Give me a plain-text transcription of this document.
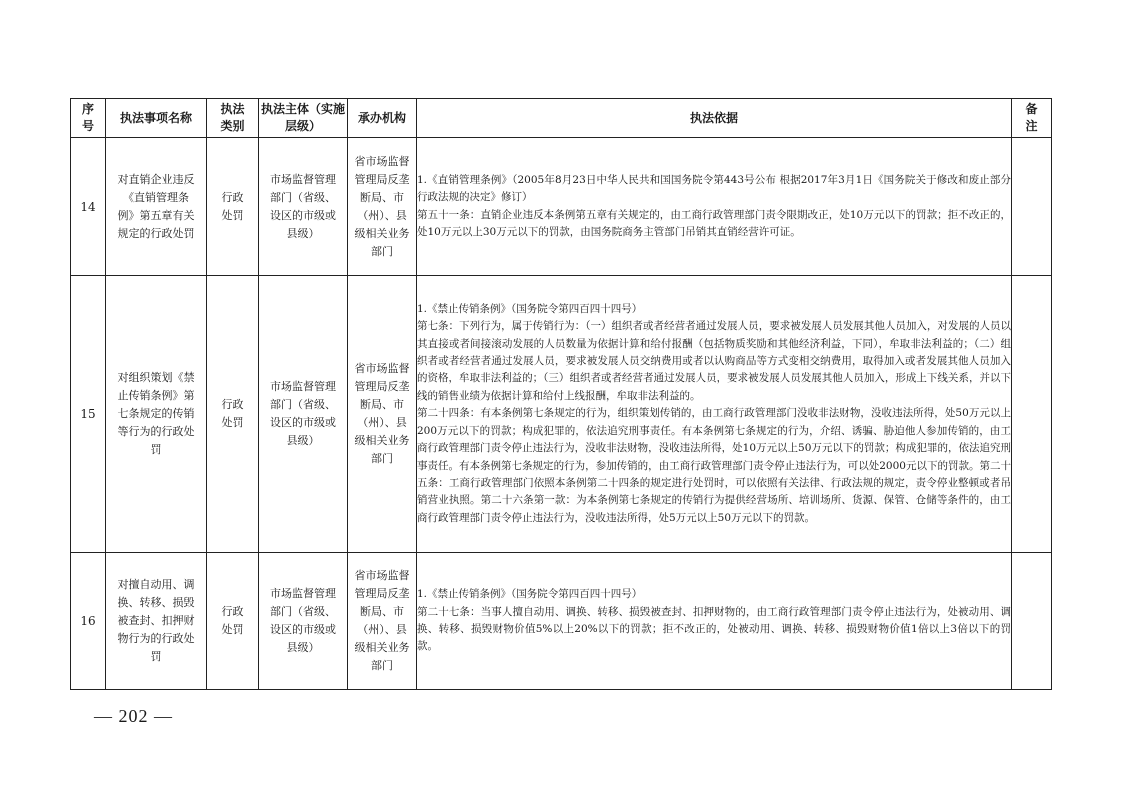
序号	执法事项名称	执法类别	执法主体（实施层级）	承办机构	执法依据	备注
14	对直销企业违反《直销管理条例》第五章有关规定的行政处罚	行政处罚	市场监督管理部门（省级、设区的市级或县级）	省市场监督管理局反垄断局、市（州）、县级相关业务部门	1.《直销管理条例》（2005年8月23日中华人民共和国国务院令第443号公布 根据2017年3月1日《国务院关于修改和废止部分行政法规的决定》修订）

第五十一条：直销企业违反本条例第五章有关规定的，由工商行政管理部门责令限期改正，处10万元以下的罚款；拒不改正的，处10万元以上30万元以下的罚款，由国务院商务主管部门吊销其直销经营许可证。	

15	对组织策划《禁止传销条例》第七条规定的传销等行为的行政处罚	行政处罚	市场监督管理部门（省级、设区的市级或县级）	省市场监督管理局反垄断局、市（州）、县级相关业务部门	1.《禁止传销条例》（国务院令第四百四十四号）

第七条：下列行为，属于传销行为：（一）组织者或者经营者通过发展人员，要求被发展人员发展其他人员加入，对发展的人员以其直接或者间接滚动发展的人员数量为依据计算和给付报酬（包括物质奖励和其他经济利益，下同），牟取非法利益的；（二）组织者或者经营者通过发展人员，要求被发展人员交纳费用或者以认购商品等方式变相交纳费用，取得加入或者发展其他人员加入的资格，牟取非法利益的；（三）组织者或者经营者通过发展人员，要求被发展人员发展其他人员加入，形成上下线关系，并以下线的销售业绩为依据计算和给付上线报酬，牟取非法利益的。

第二十四条：有本条例第七条规定的行为，组织策划传销的，由工商行政管理部门没收非法财物，没收违法所得，处50万元以上200万元以下的罚款；构成犯罪的，依法追究刑事责任。有本条例第七条规定的行为，介绍、诱骗、胁迫他人参加传销的，由工商行政管理部门责令停止违法行为，没收非法财物，没收违法所得，处10万元以上50万元以下的罚款；构成犯罪的，依法追究刑事责任。有本条例第七条规定的行为，参加传销的，由工商行政管理部门责令停止违法行为，可以处2000元以下的罚款。第二十五条：工商行政管理部门依照本条例第二十四条的规定进行处罚时，可以依照有关法律、行政法规的规定，责令停业整顿或者吊销营业执照。第二十六条第一款：为本条例第七条规定的传销行为提供经营场所、培训场所、货源、保管、仓储等条件的，由工商行政管理部门责令停止违法行为，没收违法所得，处5万元以上50万元以下的罚款。	

16	对擅自动用、调换、转移、损毁被查封、扣押财物行为的行政处罚	行政处罚	市场监督管理部门（省级、设区的市级或县级）	省市场监督管理局反垄断局、市（州）、县级相关业务部门	1.《禁止传销条例》（国务院令第四百四十四号）

第二十七条：当事人擅自动用、调换、转移、损毁被查封、扣押财物的，由工商行政管理部门责令停止违法行为，处被动用、调换、转移、损毁财物价值5%以上20%以下的罚款；拒不改正的，处被动用、调换、转移、损毁财物价值1倍以上3倍以下的罚款。	

— 202 —
